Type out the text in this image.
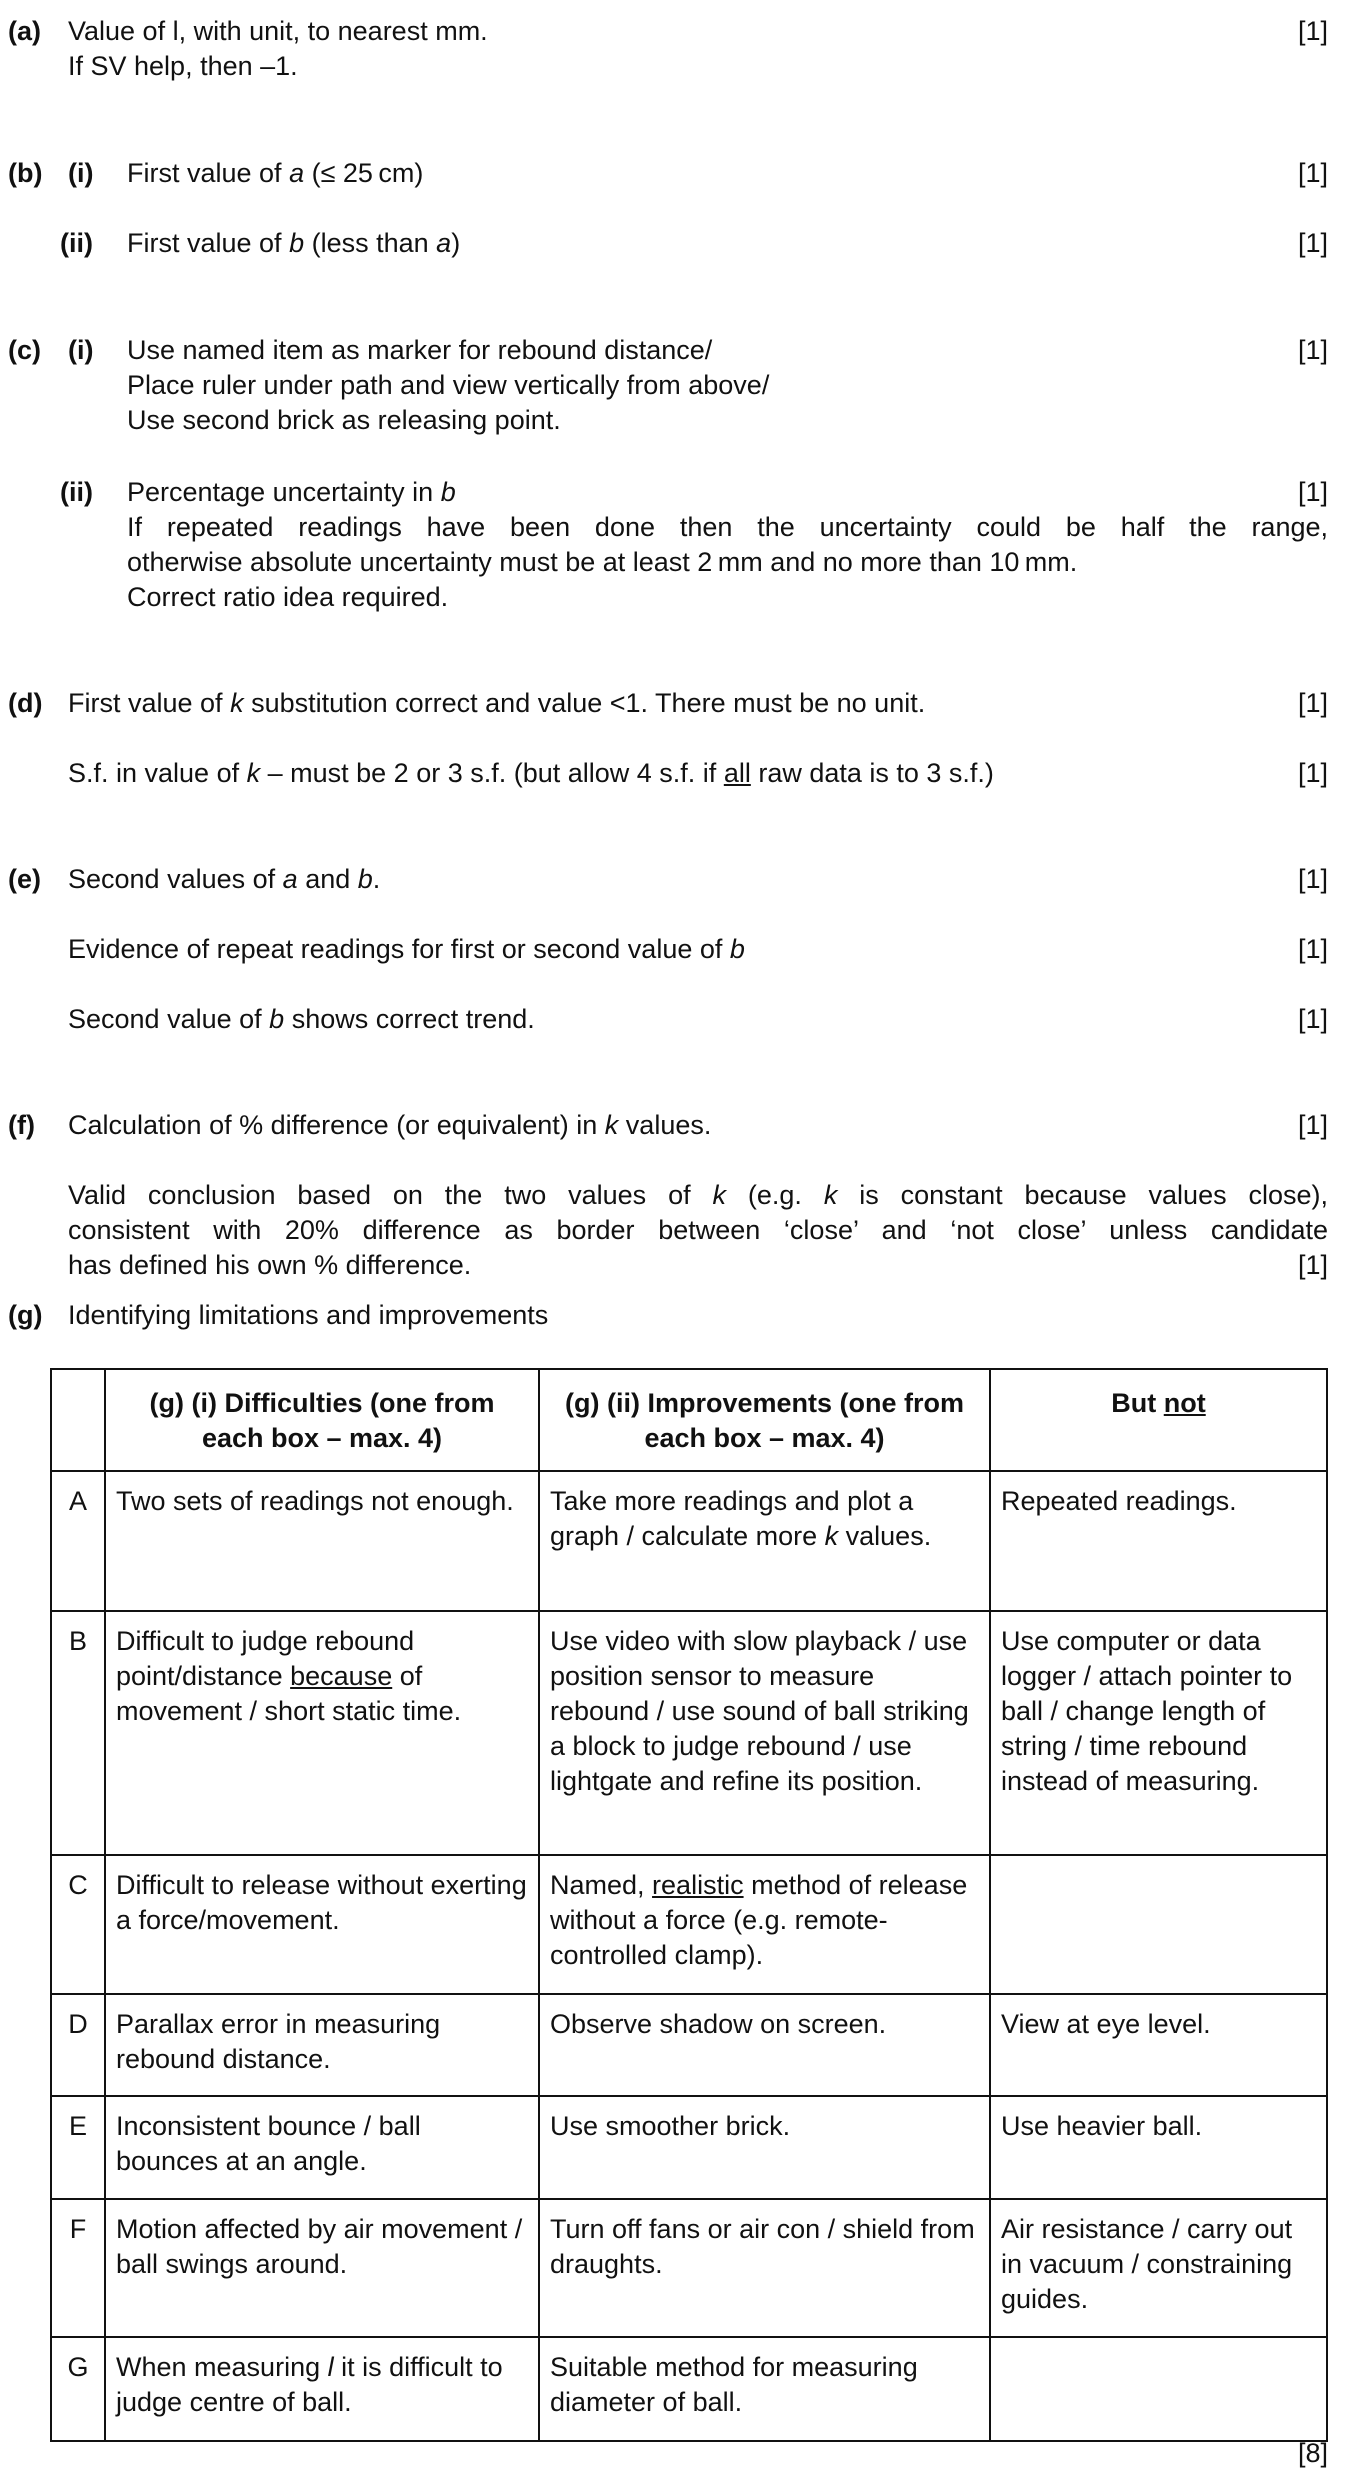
(a) Value of l, with unit, to nearest mm.
If SV help, then –1.
[1]
(b) (i) First value of a (≤ 25 cm)	[1]
(ii) First value of b (less than a)	[1]
(c) (i) Use named item as marker for rebound distance/
Place ruler under path and view vertically from above/
Use second brick as releasing point.
[1]
(ii) Percentage uncertainty in b	[1]
If repeated readings have been done then the uncertainty could be half the range,
otherwise absolute uncertainty must be at least 2 mm and no more than 10 mm.
Correct ratio idea required.
(d) First value of k substitution correct and value <1. There must be no unit.	[1]
S.f. in value of k – must be 2 or 3 s.f. (but allow 4 s.f. if all raw data is to 3 s.f.)	[1]
(e) Second values of a and b.	[1]
Evidence of repeat readings for first or second value of b	[1]
Second value of b shows correct trend.	[1]
(f) Calculation of % difference (or equivalent) in k values.	[1]
Valid conclusion based on the two values of k (e.g. k is constant because values close),
consistent with 20% difference as border between ‘close’ and ‘not close’ unless candidate
has defined his own % difference.	[1]
(g) Identifying limitations and improvements
	(g) (i) Difficulties (one from each box – max. 4)	(g) (ii) Improvements (one from each box – max. 4)	But not
A	Two sets of readings not enough.	Take more readings and plot a graph / calculate more k values.	Repeated readings.
B	Difficult to judge rebound point/distance because of movement / short static time.	Use video with slow playback / use position sensor to measure rebound / use sound of ball striking a block to judge rebound / use lightgate and refine its position.	Use computer or data logger / attach pointer to ball / change length of string / time rebound instead of measuring.
C	Difficult to release without exerting a force/movement.	Named, realistic method of release without a force (e.g. remote-controlled clamp).	
D	Parallax error in measuring rebound distance.	Observe shadow on screen.	View at eye level.
E	Inconsistent bounce / ball bounces at an angle.	Use smoother brick.	Use heavier ball.
F	Motion affected by air movement / ball swings around.	Turn off fans or air con / shield from draughts.	Air resistance / carry out in vacuum / constraining guides.
G	When measuring l it is difficult to judge centre of ball.	Suitable method for measuring diameter of ball.	
[8]
